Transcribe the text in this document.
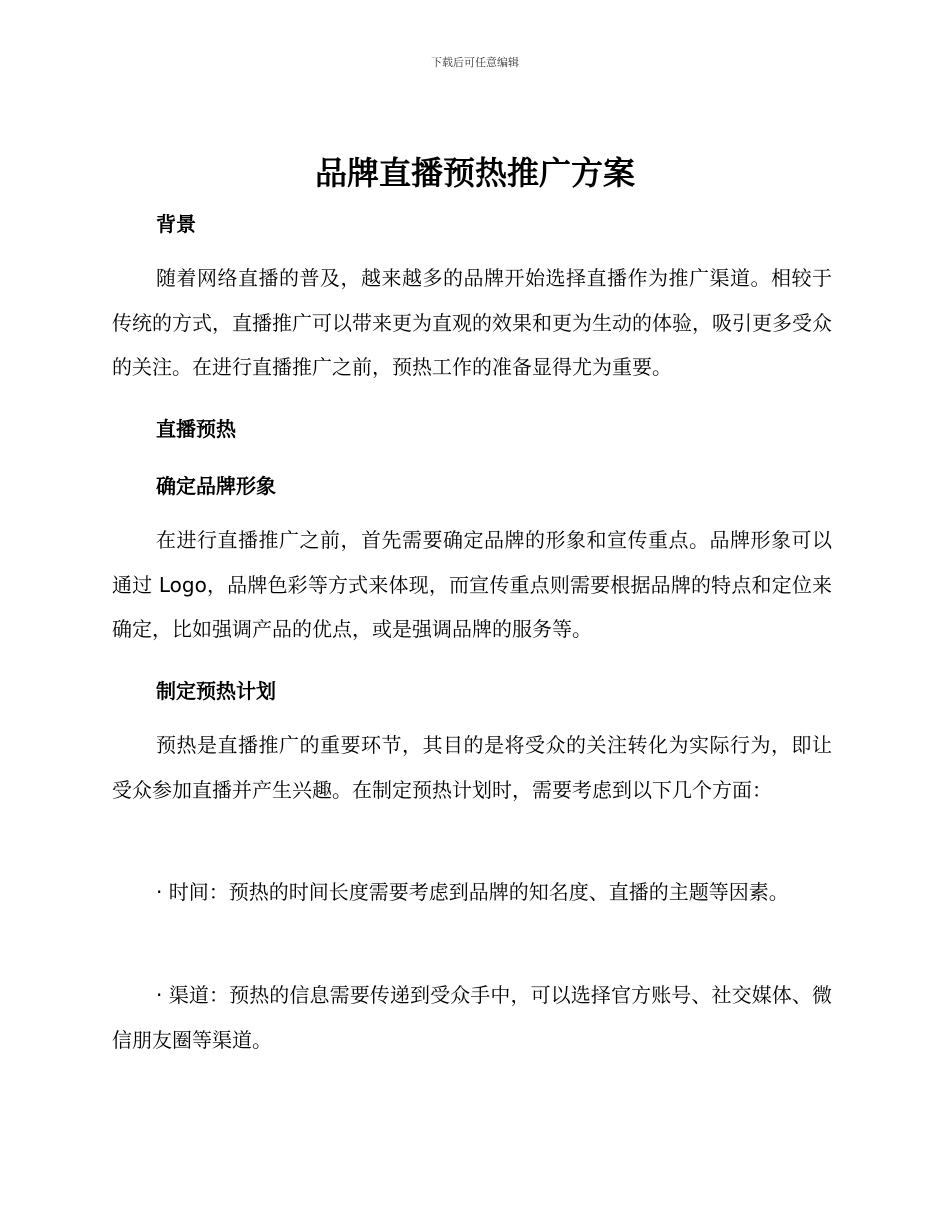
下载后可任意编辑
品牌直播预热推广方案
背景
随着网络直播的普及，越来越多的品牌开始选择直播作为推广渠道。相较于传统的方式，直播推广可以带来更为直观的效果和更为生动的体验，吸引更多受众的关注。在进行直播推广之前，预热工作的准备显得尤为重要。
直播预热
确定品牌形象
在进行直播推广之前，首先需要确定品牌的形象和宣传重点。品牌形象可以通过 Logo，品牌色彩等方式来体现，而宣传重点则需要根据品牌的特点和定位来确定，比如强调产品的优点，或是强调品牌的服务等。
制定预热计划
预热是直播推广的重要环节，其目的是将受众的关注转化为实际行为，即让受众参加直播并产生兴趣。在制定预热计划时，需要考虑到以下几个方面：
· 时间：预热的时间长度需要考虑到品牌的知名度、直播的主题等因素。
· 渠道：预热的信息需要传递到受众手中，可以选择官方账号、社交媒体、微信朋友圈等渠道。
